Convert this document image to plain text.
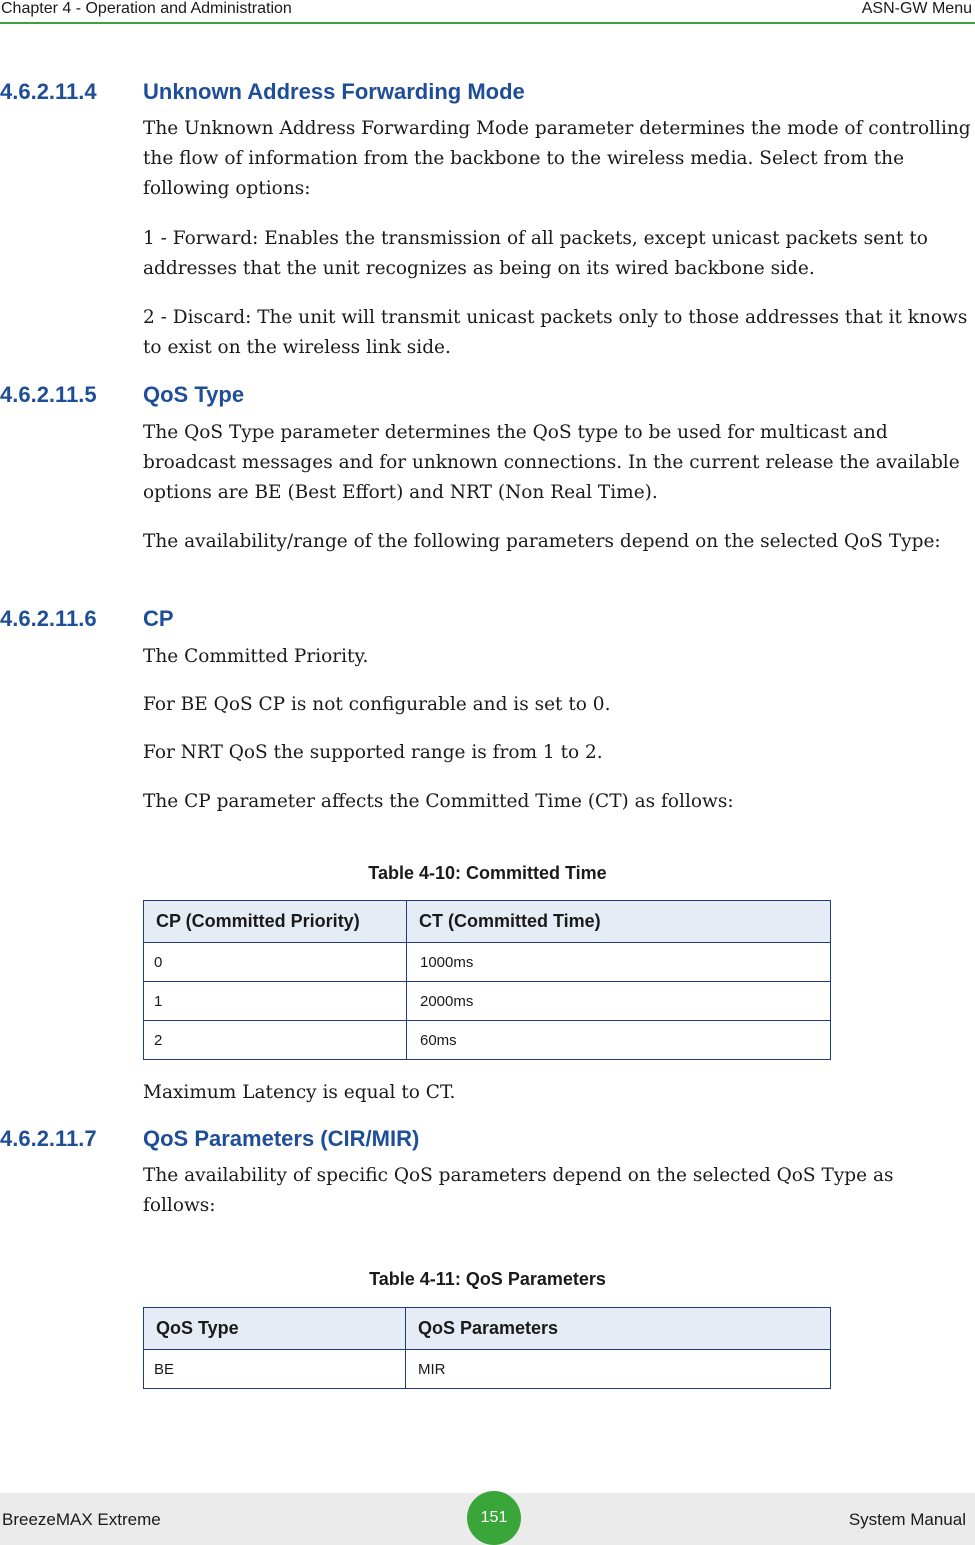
Chapter 4 - Operation and Administration	ASN-GW Menu
4.6.2.11.4 Unknown Address Forwarding Mode
The Unknown Address Forwarding Mode parameter determines the mode of controlling the flow of information from the backbone to the wireless media. Select from the following options:
1 - Forward: Enables the transmission of all packets, except unicast packets sent to addresses that the unit recognizes as being on its wired backbone side.
2 - Discard: The unit will transmit unicast packets only to those addresses that it knows to exist on the wireless link side.
4.6.2.11.5 QoS Type
The QoS Type parameter determines the QoS type to be used for multicast and broadcast messages and for unknown connections. In the current release the available options are BE (Best Effort) and NRT (Non Real Time).
The availability/range of the following parameters depend on the selected QoS Type:
4.6.2.11.6 CP
The Committed Priority.
For BE QoS CP is not configurable and is set to 0.
For NRT QoS the supported range is from 1 to 2.
The CP parameter affects the Committed Time (CT) as follows:
Table 4-10: Committed Time
CP (Committed Priority)	CT (Committed Time)
0	1000ms
1	2000ms
2	60ms
Maximum Latency is equal to CT.
4.6.2.11.7 QoS Parameters (CIR/MIR)
The availability of specific QoS parameters depend on the selected QoS Type as follows:
Table 4-11: QoS Parameters
QoS Type	QoS Parameters
BE	MIR
BreezeMAX Extreme	151	System Manual
